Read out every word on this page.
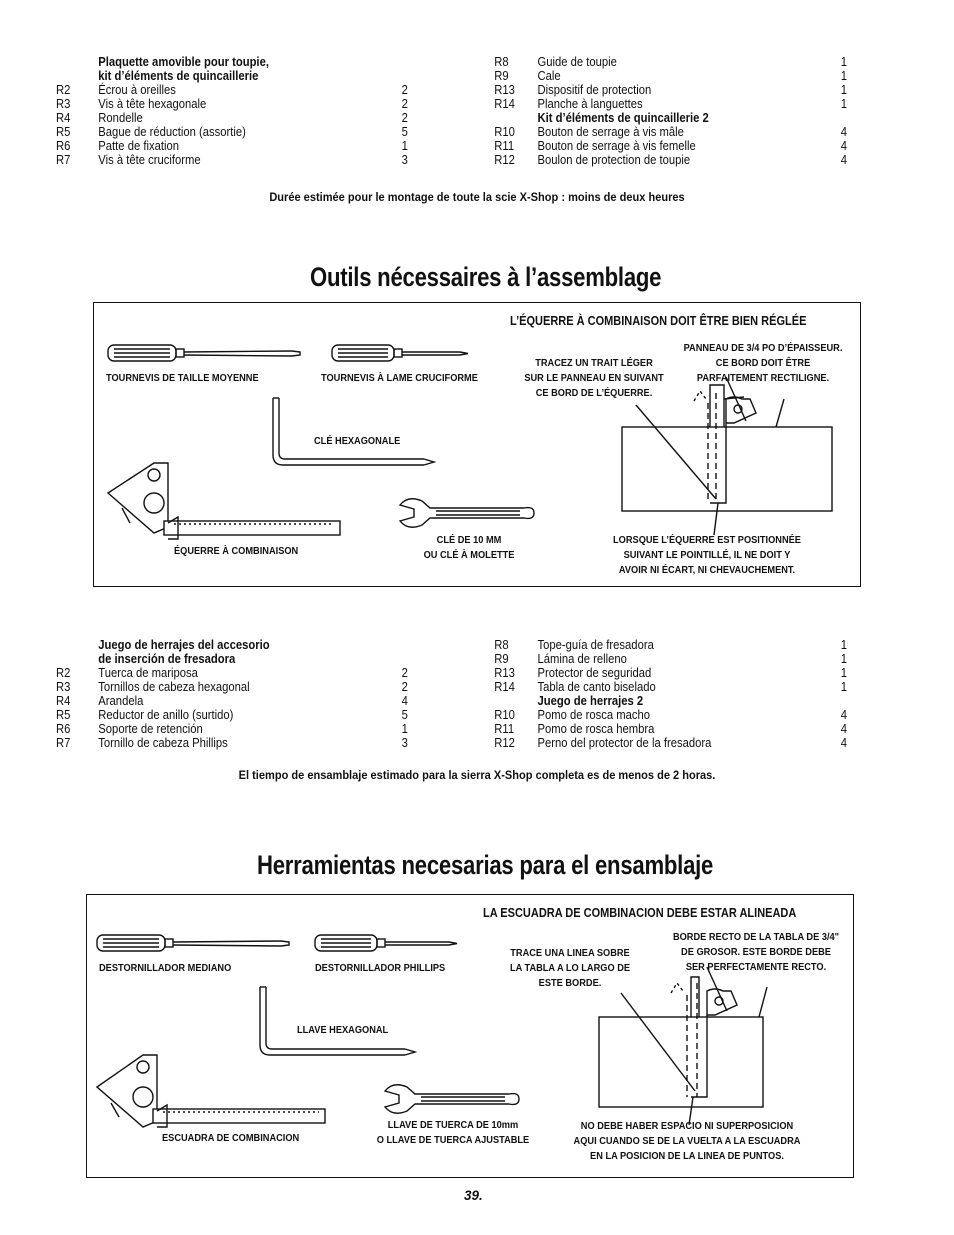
Plaquette amovible pour toupie,
kit d’éléments de quincaillerie
R2 Écrou à oreilles	2
R3 Vis à tête hexagonale	2
R4 Rondelle	2
R5 Bague de réduction (assortie)	5
R6 Patte de fixation	1
R7 Vis à tête cruciforme	3
R8 Guide de toupie	1
R9 Cale	1
R13 Dispositif de protection	1
R14 Planche à languettes	1
Kit d’éléments de quincaillerie 2
R10 Bouton de serrage à vis mâle	4
R11 Bouton de serrage à vis femelle	4
R12 Boulon de protection de toupie	4
Durée estimée pour le montage de toute la scie X-Shop : moins de deux heures
Outils nécessaires à l’assemblage
L’ÉQUERRE À COMBINAISON DOIT ÊTRE BIEN RÉGLÉE
TOURNEVIS DE TAILLE MOYENNE	TOURNEVIS À LAME CRUCIFORME
CLÉ HEXAGONALE
ÉQUERRE À COMBINAISON
CLÉ DE 10 MM
OU CLÉ À MOLETTE
TRACEZ UN TRAIT LÉGER
SUR LE PANNEAU EN SUIVANT
CE BORD DE L’ÉQUERRE.
PANNEAU DE 3/4 PO D’ÉPAISSEUR.
CE BORD DOIT ÊTRE
PARFAITEMENT RECTILIGNE.
LORSQUE L’ÉQUERRE EST POSITIONNÉE
SUIVANT LE POINTILLÉ, IL NE DOIT Y
AVOIR NI ÉCART, NI CHEVAUCHEMENT.
Juego de herrajes del accesorio
de inserción de fresadora
R2 Tuerca de mariposa	2
R3 Tornillos de cabeza hexagonal	2
R4 Arandela	4
R5 Reductor de anillo (surtido)	5
R6 Soporte de retención	1
R7 Tornillo de cabeza Phillips	3
R8 Tope-guía de fresadora	1
R9 Lámina de relleno	1
R13 Protector de seguridad	1
R14 Tabla de canto biselado	1
Juego de herrajes 2
R10 Pomo de rosca macho	4
R11 Pomo de rosca hembra	4
R12 Perno del protector de la fresadora	4
El tiempo de ensamblaje estimado para la sierra X-Shop completa es de menos de 2 horas.
Herramientas necesarias para el ensamblaje
LA ESCUADRA DE COMBINACION DEBE ESTAR ALINEADA
DESTORNILLADOR MEDIANO	DESTORNILLADOR PHILLIPS
LLAVE HEXAGONAL
ESCUADRA DE COMBINACION
LLAVE DE TUERCA DE 10mm
O LLAVE DE TUERCA AJUSTABLE
TRACE UNA LINEA SOBRE
LA TABLA A LO LARGO DE
ESTE BORDE.
BORDE RECTO DE LA TABLA DE 3/4"
DE GROSOR. ESTE BORDE DEBE
SER PERFECTAMENTE RECTO.
NO DEBE HABER ESPACIO NI SUPERPOSICION
AQUI CUANDO SE DE LA VUELTA A LA ESCUADRA
EN LA POSICION DE LA LINEA DE PUNTOS.
39.
